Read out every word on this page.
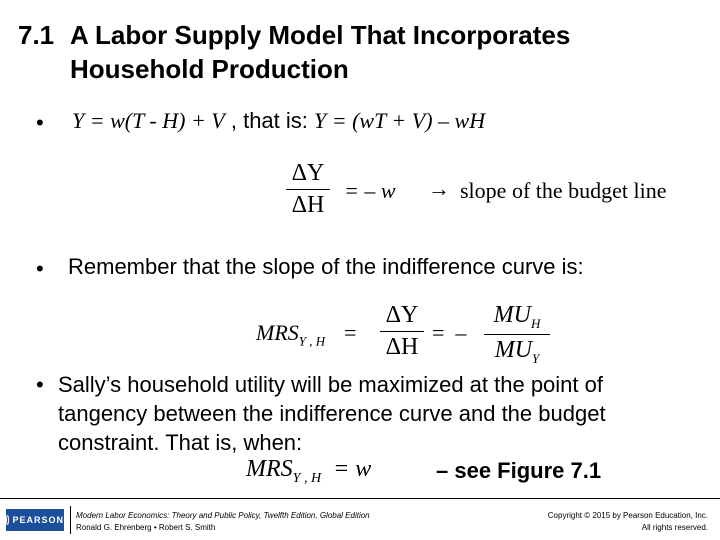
7.1 A Labor Supply Model That Incorporates
Household Production
• Y = w(T - H) + V , that is: Y = (wT + V) – wH
ΔY
ΔH
= – w → slope of the budget line
• Remember that the slope of the indifference curve is:
$MRS_{Y , H}$ =
ΔY
ΔH
=  –
$MU_H$
$MU_Y$
• Sally’s household utility will be maximized at the point of tangency between the indifference curve and the budget constraint. That is, when:
$MRS_{Y , H} = w$	– see Figure 7.1
PEARSON Modern Labor Economics: Theory and Public Policy, Twelfth Edition, Global Edition
Ronald G. Ehrenberg • Robert S. Smith
Copyright © 2015 by Pearson Education, Inc.
All rights reserved.
